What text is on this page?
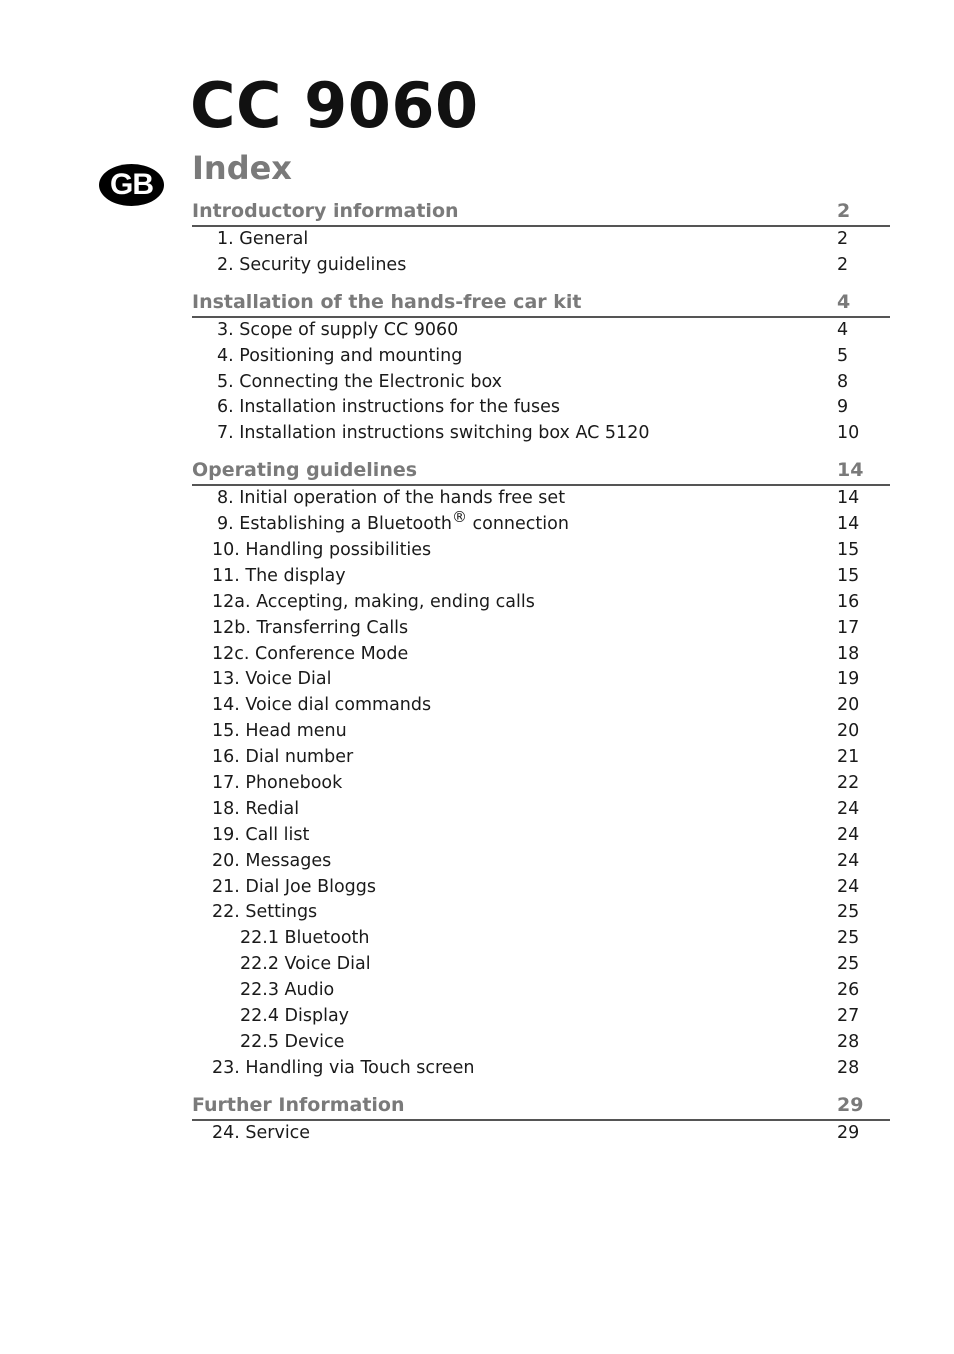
CC 9060
GB	Index
Introductory information	2
1. General	2
2. Security guidelines	2
Installation of the hands-free car kit	4
3. Scope of supply CC 9060	4
4. Positioning and mounting	5
5. Connecting the Electronic box	8
6. Installation instructions for the fuses	9
7. Installation instructions switching box AC 5120	10
Operating guidelines	14
8. Initial operation of the hands free set	14
9. Establishing a Bluetooth® connection	14
10. Handling possibilities	15
11. The display	15
12a. Accepting, making, ending calls	16
12b. Transferring Calls	17
12c. Conference Mode	18
13. Voice Dial	19
14. Voice dial commands	20
15. Head menu	20
16. Dial number	21
17. Phonebook	22
18. Redial	24
19. Call list	24
20. Messages	24
21. Dial Joe Bloggs	24
22. Settings	25
22.1 Bluetooth	25
22.2 Voice Dial	25
22.3 Audio	26
22.4 Display	27
22.5 Device	28
23. Handling via Touch screen	28
Further Information	29
24. Service	29
